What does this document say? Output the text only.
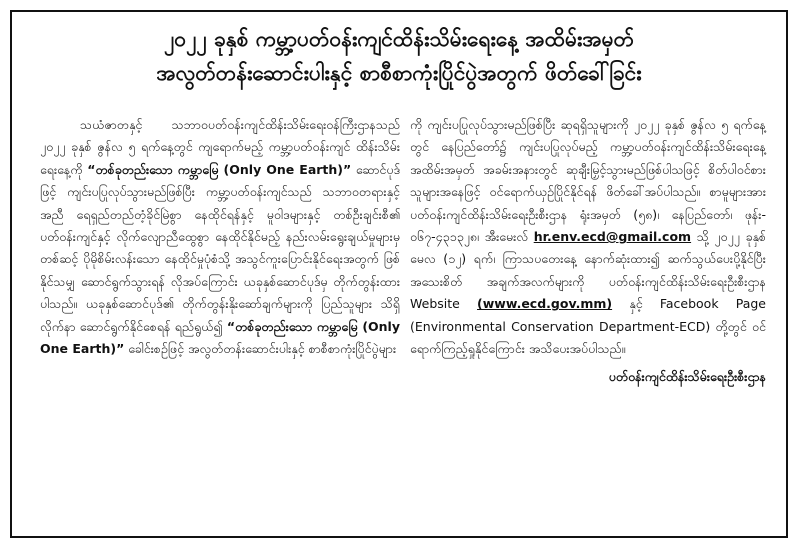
၂၀၂၂ ခုနှစ် ကမ္ဘာ့ပတ်ဝန်းကျင်ထိန်းသိမ်းရေးနေ့ အထိမ်းအမှတ်
အလွတ်တန်းဆောင်းပါးနှင့် စာစီစာကုံးပြိုင်ပွဲအတွက် ဖိတ်ခေါ်ခြင်း

သယံဇာတနှင့် သဘာဝပတ်ဝန်းကျင်ထိန်းသိမ်းရေးဝန်ကြီးဌာနသည် ၂၀၂၂ ခုနှစ် ဇွန်လ ၅ ရက်နေ့တွင် ကျရောက်မည့် ကမ္ဘာ့ပတ်ဝန်းကျင် ထိန်းသိမ်းရေးနေ့ကို “တစ်ခုတည်းသော ကမ္ဘာမြေ (Only One Earth)” ဆောင်ပုဒ်ဖြင့် ကျင်းပပြုလုပ်သွားမည်ဖြစ်ပြီး ကမ္ဘာ့ပတ်ဝန်းကျင်သည် သဘာဝတရားနှင့်အညီ ရေရှည်တည်တံ့ခိုင်မြဲစွာ နေထိုင်ရန်နှင့် မူဝါဒများနှင့် တစ်ဦးချင်းစီ၏ ပတ်ဝန်းကျင်နှင့် လိုက်လျောညီထွေစွာ နေထိုင်နိုင်မည့် နည်းလမ်းရွေးချယ်မှုများမှတစ်ဆင့် ပိုမိုစိမ်းလန်းသော နေထိုင်မှုပုံစံသို့ အသွင်ကူးပြောင်းနိုင်ရေးအတွက် ဖြစ်နိုင်သမျှ ဆောင်ရွက်သွားရန် လိုအပ်ကြောင်း ယခုနှစ်ဆောင်ပုဒ်မှ တိုက်တွန်းထားပါသည်။ ယခုနှစ်ဆောင်ပုဒ်၏ တိုက်တွန်းနိုးဆော်ချက်များကို ပြည်သူများ သိရှိလိုက်နာ ဆောင်ရွက်နိုင်စေရန် ရည်ရွယ်၍ “တစ်ခုတည်းသော ကမ္ဘာမြေ (Only One Earth)” ခေါင်းစဉ်ဖြင့် အလွတ်တန်းဆောင်းပါးနှင့် စာစီစာကုံးပြိုင်ပွဲများ

ကို ကျင်းပပြုလုပ်သွားမည်ဖြစ်ပြီး ဆုရရှိသူများကို ၂၀၂၂ ခုနှစ် ဇွန်လ ၅ ရက်နေ့တွင် နေပြည်တော်၌ ကျင်းပပြုလုပ်မည့် ကမ္ဘာ့ပတ်ဝန်းကျင်ထိန်းသိမ်းရေးနေ့ အထိမ်းအမှတ် အခမ်းအနားတွင် ဆုချီးမြှင့်သွားမည်ဖြစ်ပါသဖြင့် စိတ်ပါဝင်စားသူများအနေဖြင့် ဝင်ရောက်ယှဉ်ပြိုင်နိုင်ရန် ဖိတ်ခေါ်အပ်ပါသည်။ စာမူများအား ပတ်ဝန်းကျင်ထိန်းသိမ်းရေးဦးစီးဌာန ရုံးအမှတ် (၅၈)၊ နေပြည်တော်၊ ဖုန်း- ၀၆၇-၄၃၁၃၂၈၊ အီးမေးလ် hr.env.ecd@gmail.com သို့ ၂၀၂၂ ခုနှစ် မေလ (၁၂) ရက်၊ ကြာသပတေးနေ့ နောက်ဆုံးထား၍ ဆက်သွယ်ပေးပို့နိုင်ပြီး အသေးစိတ် အချက်အလက်များကို ပတ်ဝန်းကျင်ထိန်းသိမ်းရေးဦးစီးဌာန Website (www.ecd.gov.mm) နှင့် Facebook Page (Environmental Conservation Department-ECD) တို့တွင် ဝင်ရောက်ကြည့်ရှုနိုင်ကြောင်း အသိပေးအပ်ပါသည်။

ပတ်ဝန်းကျင်ထိန်းသိမ်းရေးဦးစီးဌာန
